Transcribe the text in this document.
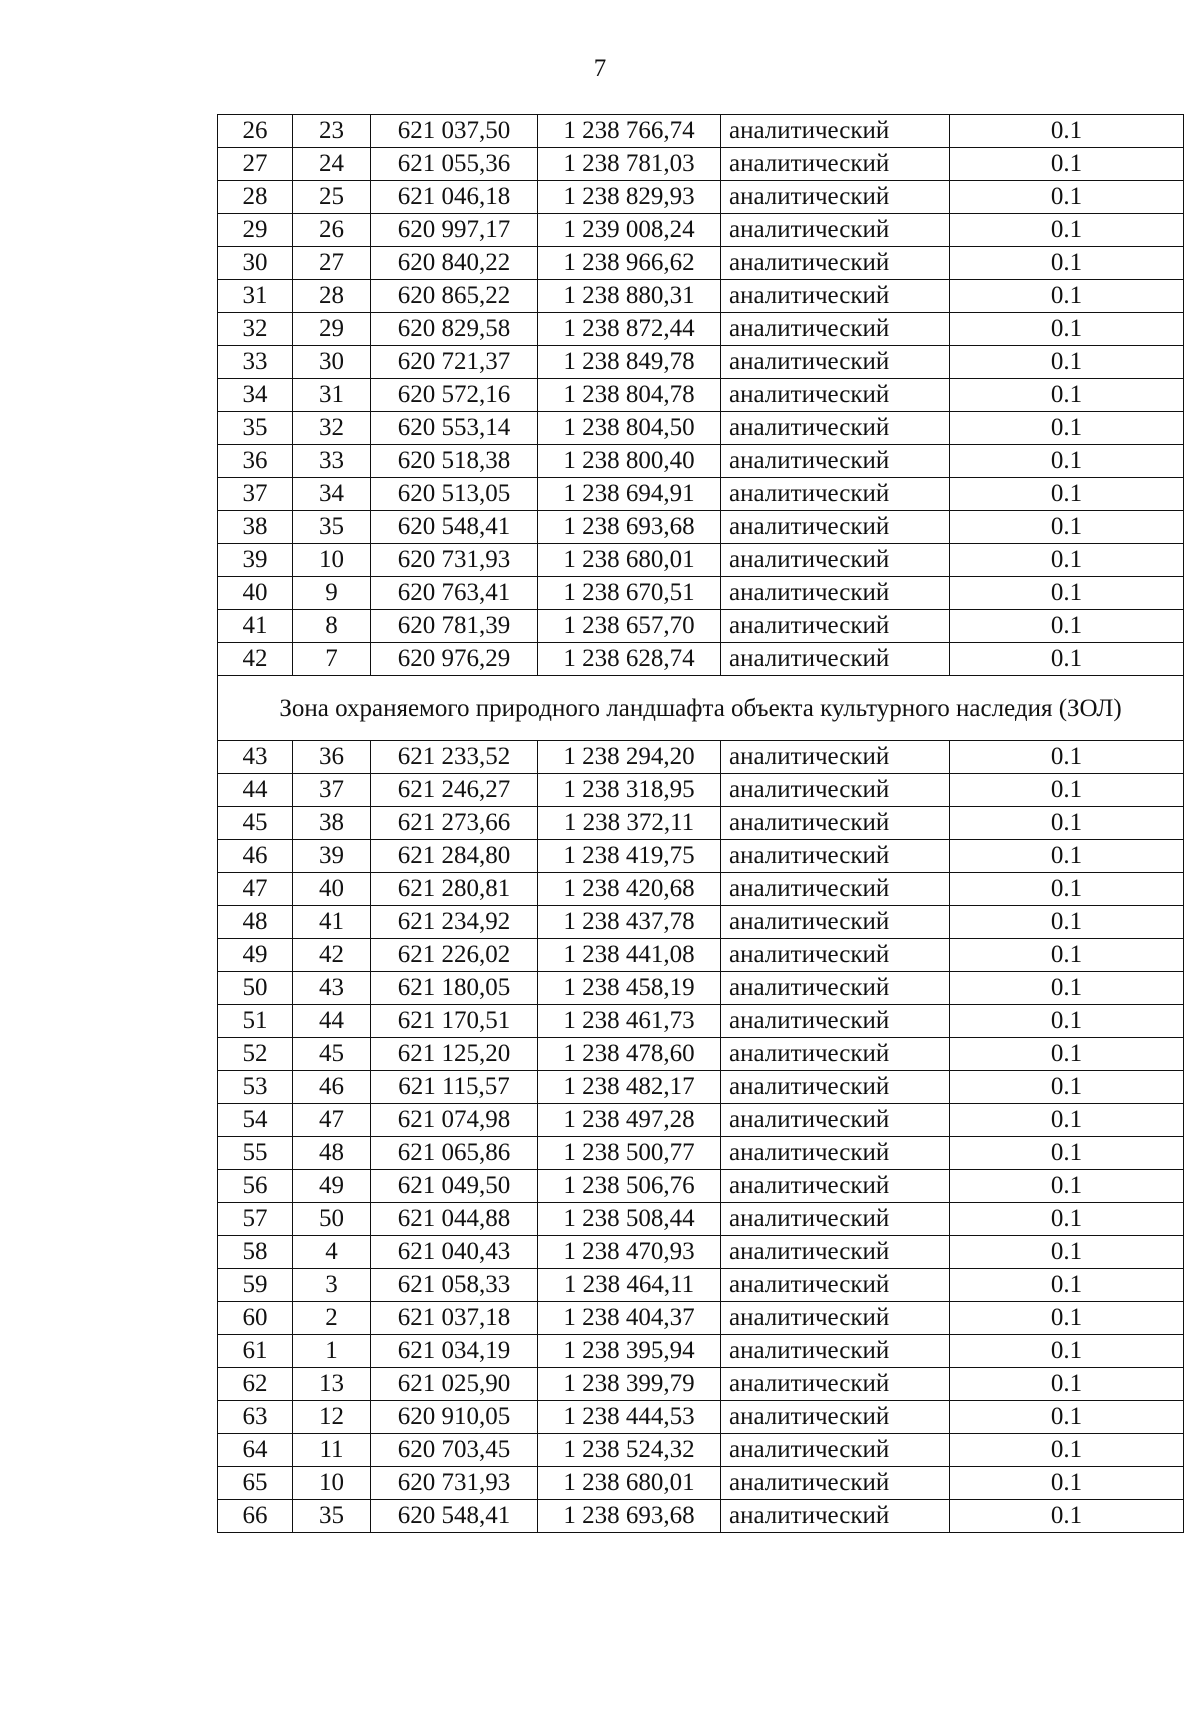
7
26	23	621 037,50	1 238 766,74	аналитический	0.1
27	24	621 055,36	1 238 781,03	аналитический	0.1
28	25	621 046,18	1 238 829,93	аналитический	0.1
29	26	620 997,17	1 239 008,24	аналитический	0.1
30	27	620 840,22	1 238 966,62	аналитический	0.1
31	28	620 865,22	1 238 880,31	аналитический	0.1
32	29	620 829,58	1 238 872,44	аналитический	0.1
33	30	620 721,37	1 238 849,78	аналитический	0.1
34	31	620 572,16	1 238 804,78	аналитический	0.1
35	32	620 553,14	1 238 804,50	аналитический	0.1
36	33	620 518,38	1 238 800,40	аналитический	0.1
37	34	620 513,05	1 238 694,91	аналитический	0.1
38	35	620 548,41	1 238 693,68	аналитический	0.1
39	10	620 731,93	1 238 680,01	аналитический	0.1
40	9	620 763,41	1 238 670,51	аналитический	0.1
41	8	620 781,39	1 238 657,70	аналитический	0.1
42	7	620 976,29	1 238 628,74	аналитический	0.1
Зона охраняемого природного ландшафта объекта культурного наследия (ЗОЛ)					
43	36	621 233,52	1 238 294,20	аналитический	0.1
44	37	621 246,27	1 238 318,95	аналитический	0.1
45	38	621 273,66	1 238 372,11	аналитический	0.1
46	39	621 284,80	1 238 419,75	аналитический	0.1
47	40	621 280,81	1 238 420,68	аналитический	0.1
48	41	621 234,92	1 238 437,78	аналитический	0.1
49	42	621 226,02	1 238 441,08	аналитический	0.1
50	43	621 180,05	1 238 458,19	аналитический	0.1
51	44	621 170,51	1 238 461,73	аналитический	0.1
52	45	621 125,20	1 238 478,60	аналитический	0.1
53	46	621 115,57	1 238 482,17	аналитический	0.1
54	47	621 074,98	1 238 497,28	аналитический	0.1
55	48	621 065,86	1 238 500,77	аналитический	0.1
56	49	621 049,50	1 238 506,76	аналитический	0.1
57	50	621 044,88	1 238 508,44	аналитический	0.1
58	4	621 040,43	1 238 470,93	аналитический	0.1
59	3	621 058,33	1 238 464,11	аналитический	0.1
60	2	621 037,18	1 238 404,37	аналитический	0.1
61	1	621 034,19	1 238 395,94	аналитический	0.1
62	13	621 025,90	1 238 399,79	аналитический	0.1
63	12	620 910,05	1 238 444,53	аналитический	0.1
64	11	620 703,45	1 238 524,32	аналитический	0.1
65	10	620 731,93	1 238 680,01	аналитический	0.1
66	35	620 548,41	1 238 693,68	аналитический	0.1
